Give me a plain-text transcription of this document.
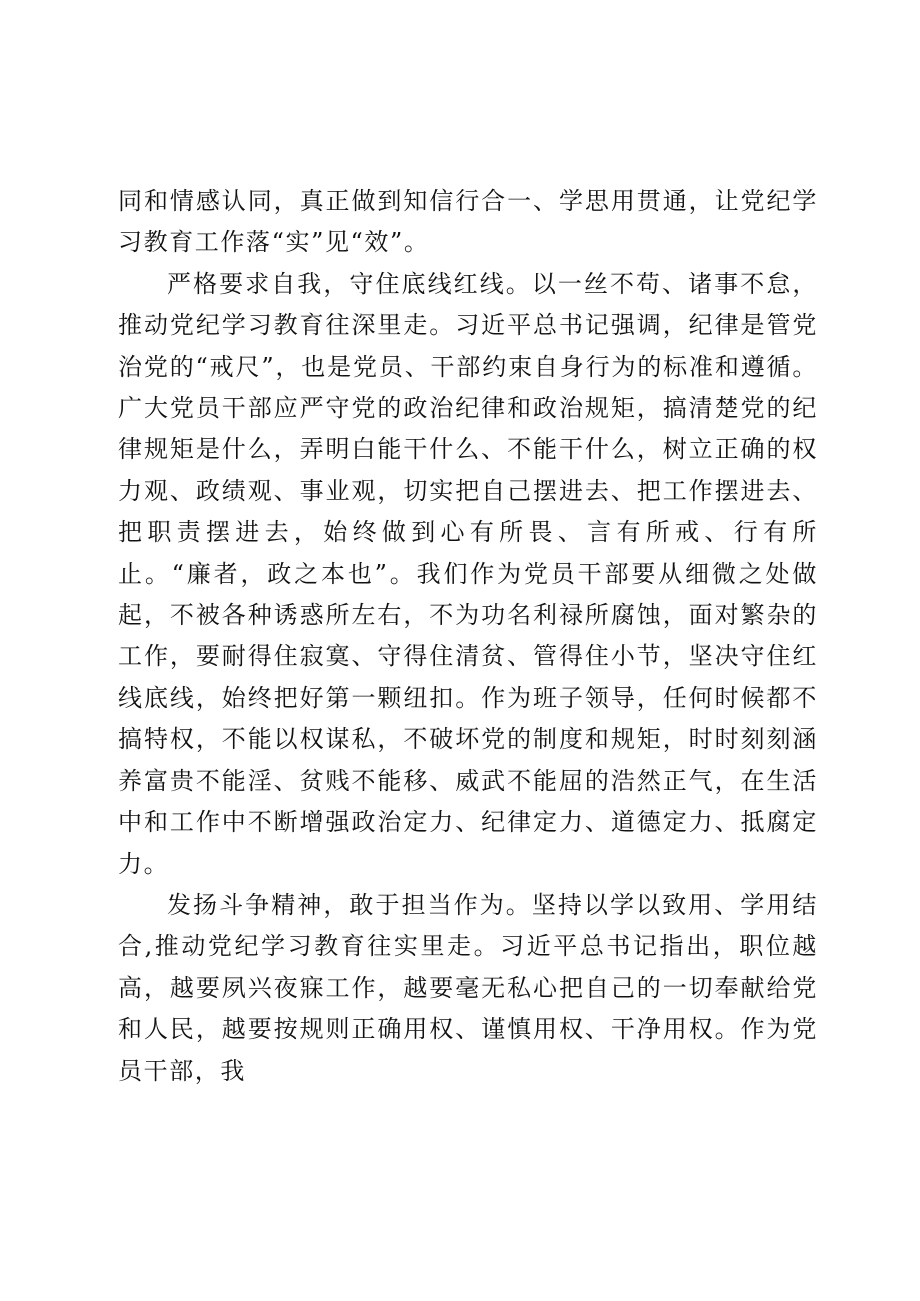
同和情感认同，真正做到知信行合一、学思用贯通，让党纪学习教育工作落“实”见“效”。

严格要求自我，守住底线红线。以一丝不苟、诸事不怠，推动党纪学习教育往深里走。习近平总书记强调，纪律是管党治党的“戒尺”，也是党员、干部约束自身行为的标准和遵循。广大党员干部应严守党的政治纪律和政治规矩，搞清楚党的纪律规矩是什么，弄明白能干什么、不能干什么，树立正确的权力观、政绩观、事业观，切实把自己摆进去、把工作摆进去、把职责摆进去，始终做到心有所畏、言有所戒、行有所止。“廉者，政之本也”。我们作为党员干部要从细微之处做起，不被各种诱惑所左右，不为功名利禄所腐蚀，面对繁杂的工作，要耐得住寂寞、守得住清贫、管得住小节，坚决守住红线底线，始终把好第一颗纽扣。作为班子领导，任何时候都不搞特权，不能以权谋私，不破坏党的制度和规矩，时时刻刻涵养富贵不能淫、贫贱不能移、威武不能屈的浩然正气，在生活中和工作中不断增强政治定力、纪律定力、道德定力、抵腐定力。

发扬斗争精神，敢于担当作为。坚持以学以致用、学用结合,推动党纪学习教育往实里走。习近平总书记指出，职位越高，越要夙兴夜寐工作，越要毫无私心把自己的一切奉献给党和人民，越要按规则正确用权、谨慎用权、干净用权。作为党员干部，我
